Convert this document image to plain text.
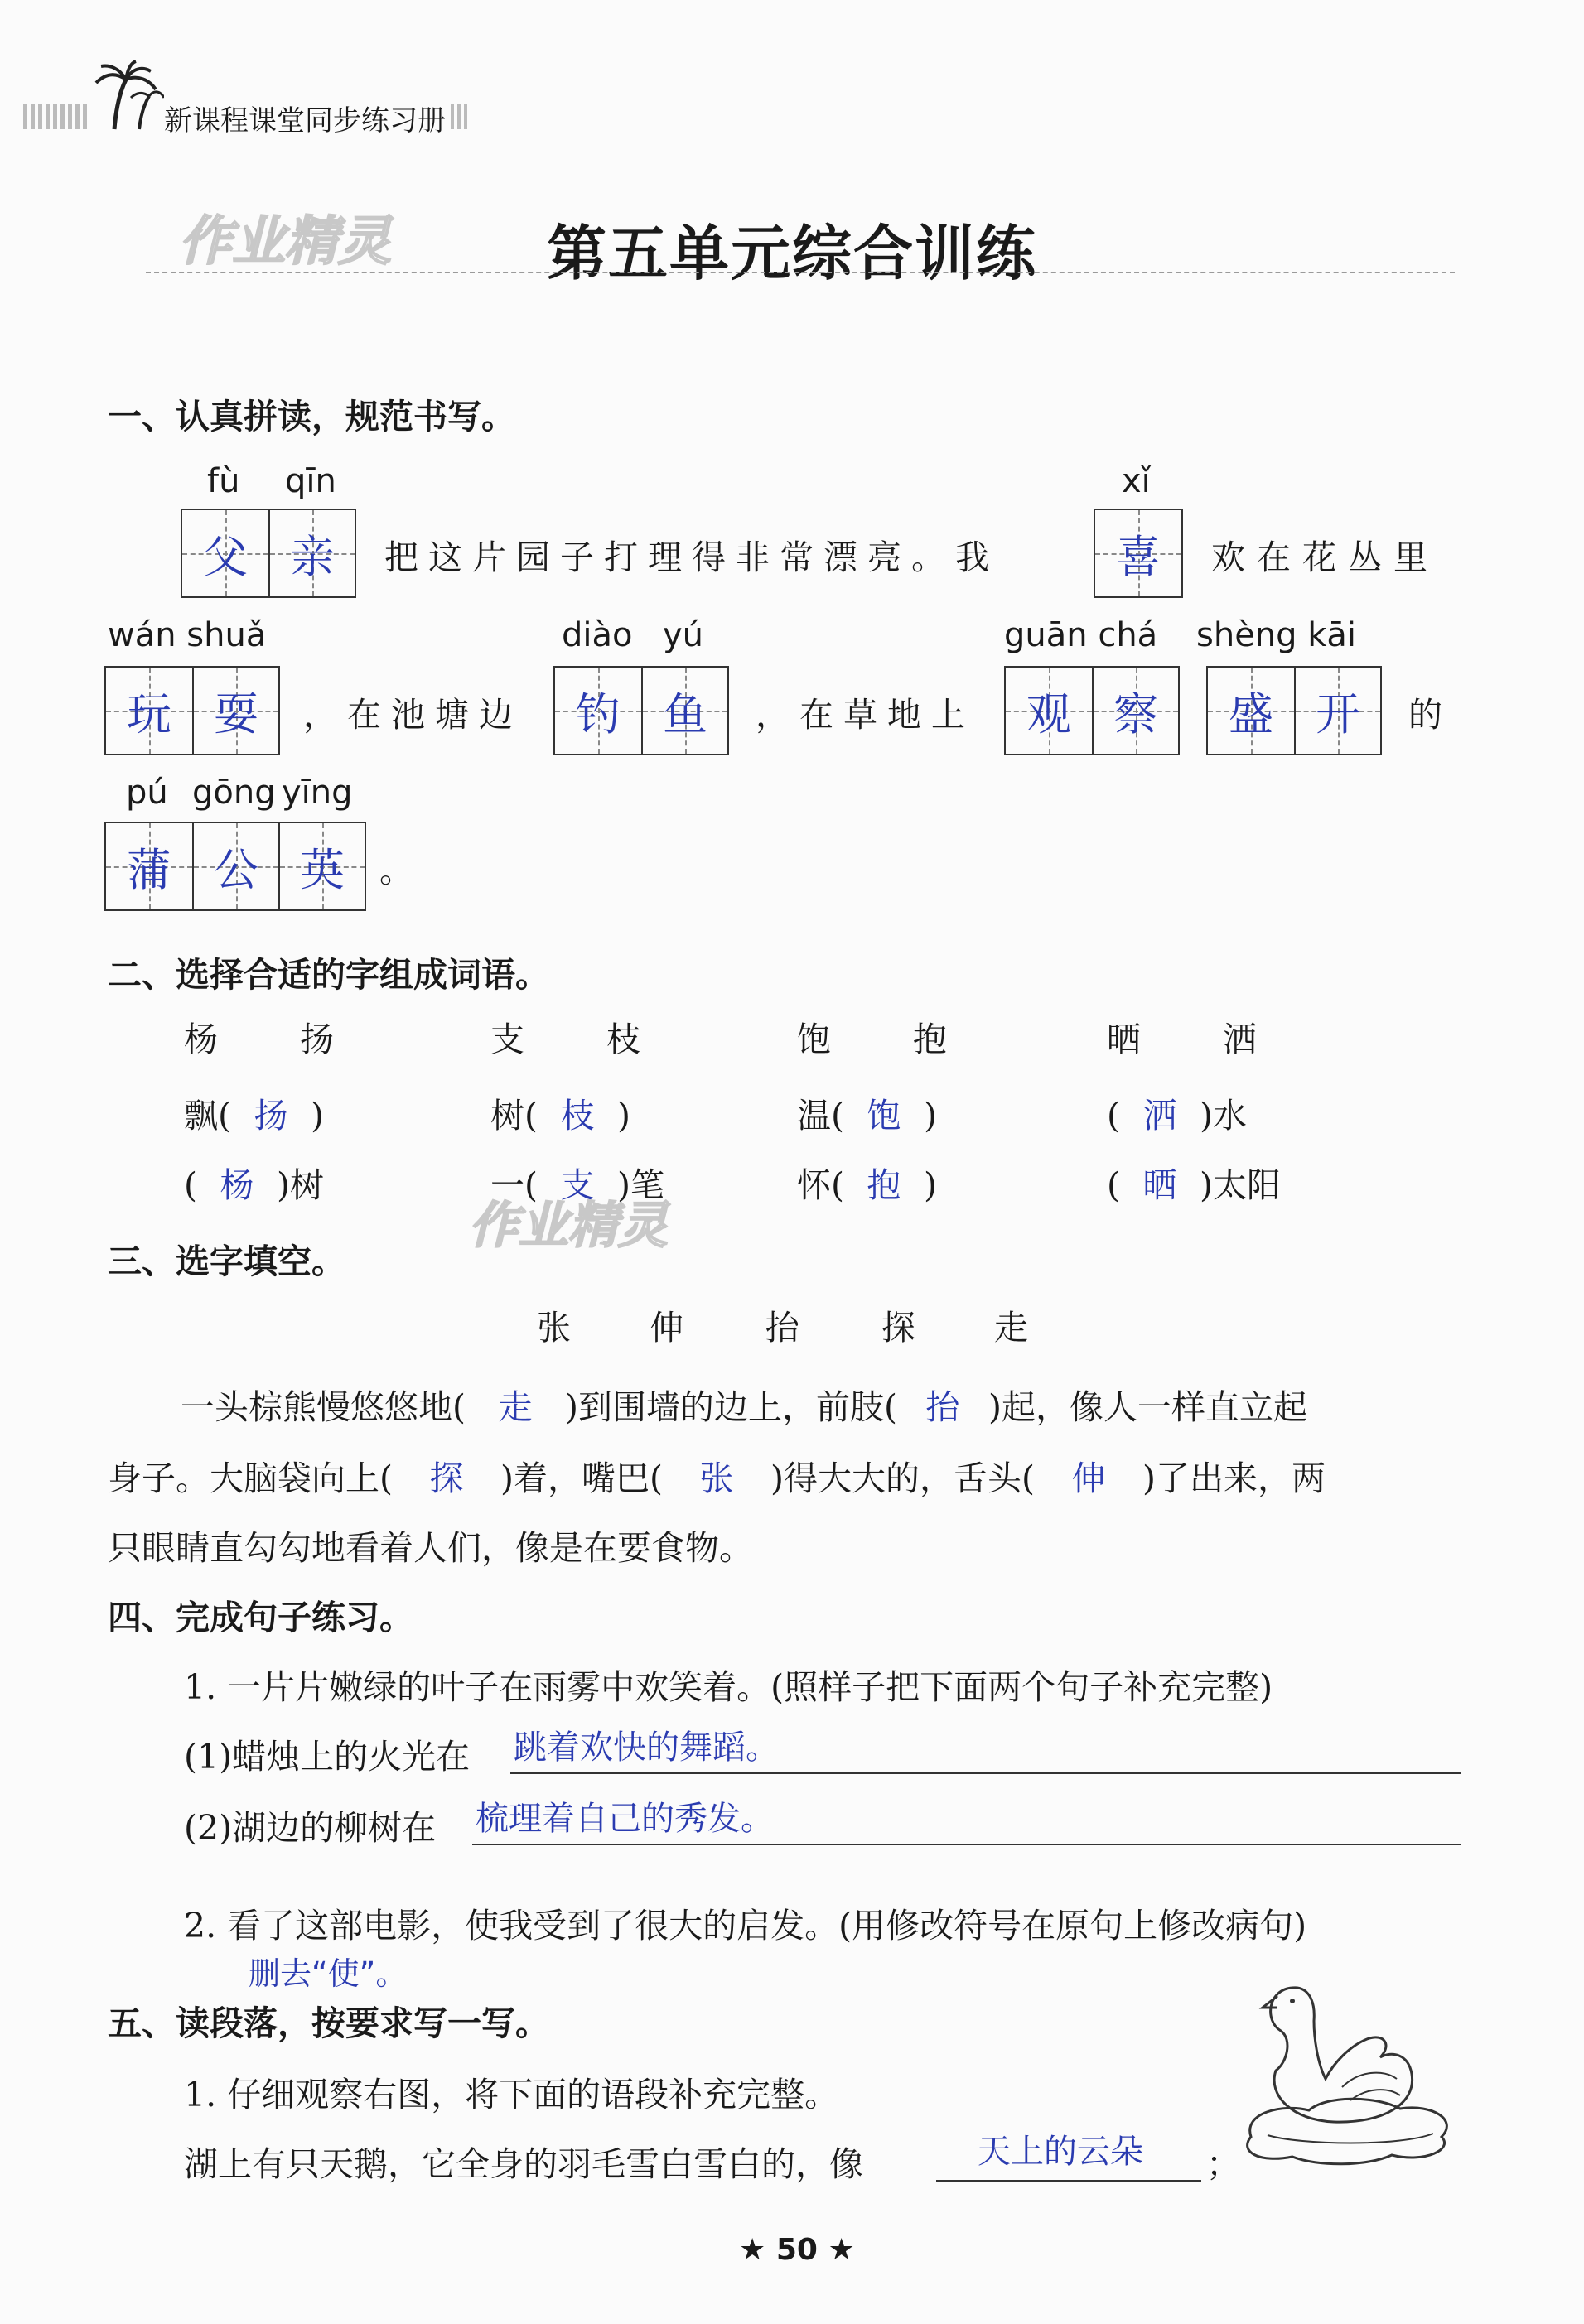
新课程课堂同步练习册
作业精灵	第五单元综合训练
一、认真拼读，规范书写。
fù qīn
父 亲 把这片园子打理得非常漂亮。我
xǐ
喜 欢在花丛里
wán shuǎ
玩 耍 ，在池塘边
diào yú
钓 鱼 ，在草地上
guān chá
观 察
shèng kāi
盛 开 的
pú gōng yīng
蒲 公 英 。
二、选择合适的字组成词语。
杨 扬
飘( 扬 )
( 杨 )树
支 枝
树( 枝 )
一( 支 )笔
饱 抱
温( 饱 )
怀( 抱 )
晒 洒
( 洒 )水
( 晒 )太阳
作业精灵
三、选字填空。
张 伸 抬 探 走
一头棕熊慢悠悠地( 走 )到围墙的边上，前肢( 抬 )起，像人一样直立起
身子。大脑袋向上( 探 )着，嘴巴( 张 )得大大的，舌头( 伸 )了出来，两
只眼睛直勾勾地看着人们，像是在要食物。
四、完成句子练习。
1. 一片片嫩绿的叶子在雨雾中欢笑着。(照样子把下面两个句子补充完整)
(1)蜡烛上的火光在 跳着欢快的舞蹈。
(2)湖边的柳树在 梳理着自己的秀发。
2. 看了这部电影，使我受到了很大的启发。(用修改符号在原句上修改病句)
删去“使”。
五、读段落，按要求写一写。
1. 仔细观察右图，将下面的语段补充完整。
湖上有只天鹅，它全身的羽毛雪白雪白的，像	天上的云朵 ；
★ 50 ★
